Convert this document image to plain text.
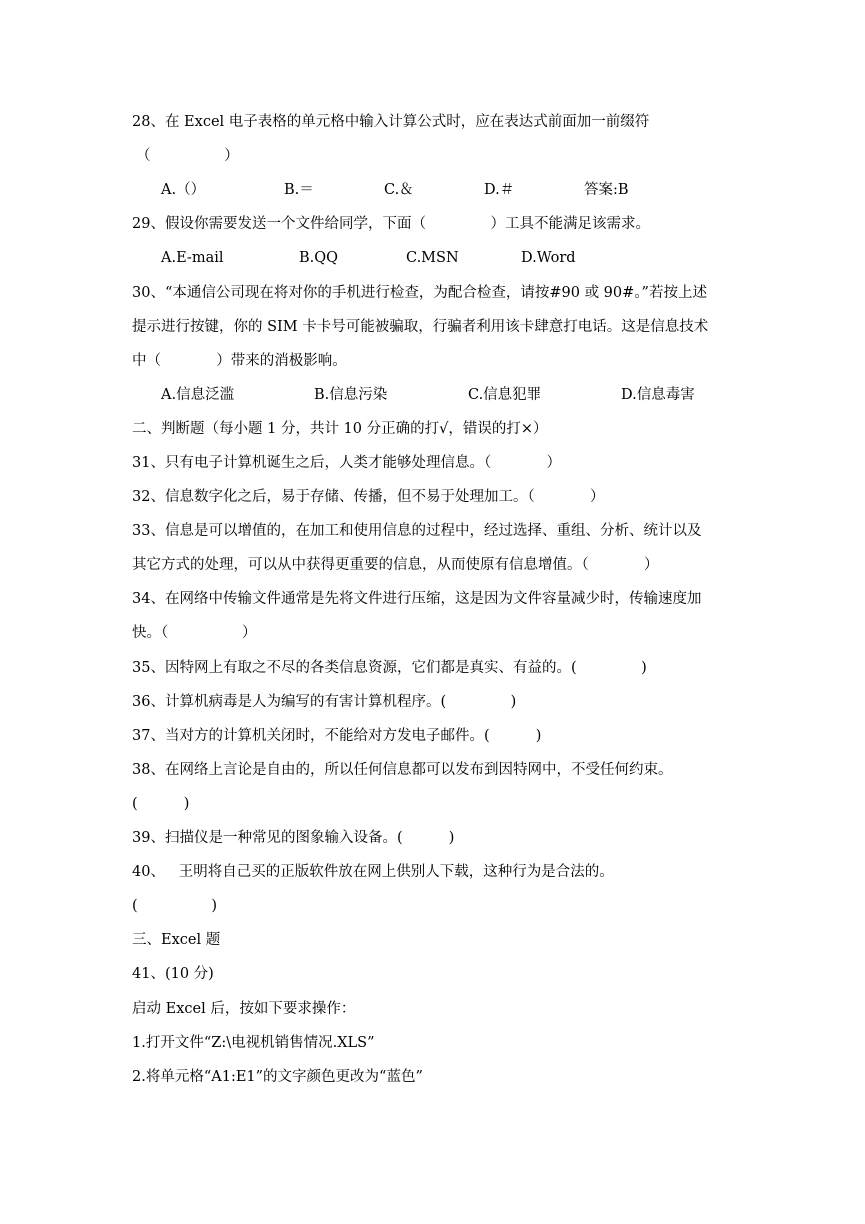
28、在 Excel 电子表格的单元格中输入计算公式时，应在表达式前面加一前缀符
（                ）
A.（）	B.＝	C.＆	D.＃	答案:B
29、假设你需要发送一个文件给同学，下面（              ）工具不能满足该需求。
A.E-mail	B.QQ	C.MSN	D.Word
30、“本通信公司现在将对你的手机进行检查，为配合检查，请按#90 或 90#。”若按上述
提示进行按键，你的 SIM 卡卡号可能被骗取，行骗者利用该卡肆意打电话。这是信息技术
中（            ）带来的消极影响。
A.信息泛滥	B.信息污染	C.信息犯罪	D.信息毒害
二、判断题（每小题 1 分，共计 10 分正确的打√，错误的打×）
31、只有电子计算机诞生之后，人类才能够处理信息。（            ）
32、信息数字化之后，易于存储、传播，但不易于处理加工。（            ）
33、信息是可以增值的，在加工和使用信息的过程中，经过选择、重组、分析、统计以及
其它方式的处理，可以从中获得更重要的信息，从而使原有信息增值。（            ）
34、在网络中传输文件通常是先将文件进行压缩，这是因为文件容量减少时，传输速度加
快。（                ）
35、因特网上有取之不尽的各类信息资源，它们都是真实、有益的。(              )
36、计算机病毒是人为编写的有害计算机程序。(              )
37、当对方的计算机关闭时，不能给对方发电子邮件。(          )
38、在网络上言论是自由的，所以任何信息都可以发布到因特网中，不受任何约束。
(          )
39、扫描仪是一种常见的图象输入设备。(          )
40、   王明将自己买的正版软件放在网上供别人下载，这种行为是合法的。
(                )
三、Excel 题
41、(10 分)
启动 Excel 后，按如下要求操作：
1.打开文件“Z:\电视机销售情况.XLS”
2.将单元格“A1:E1”的文字颜色更改为“蓝色”
